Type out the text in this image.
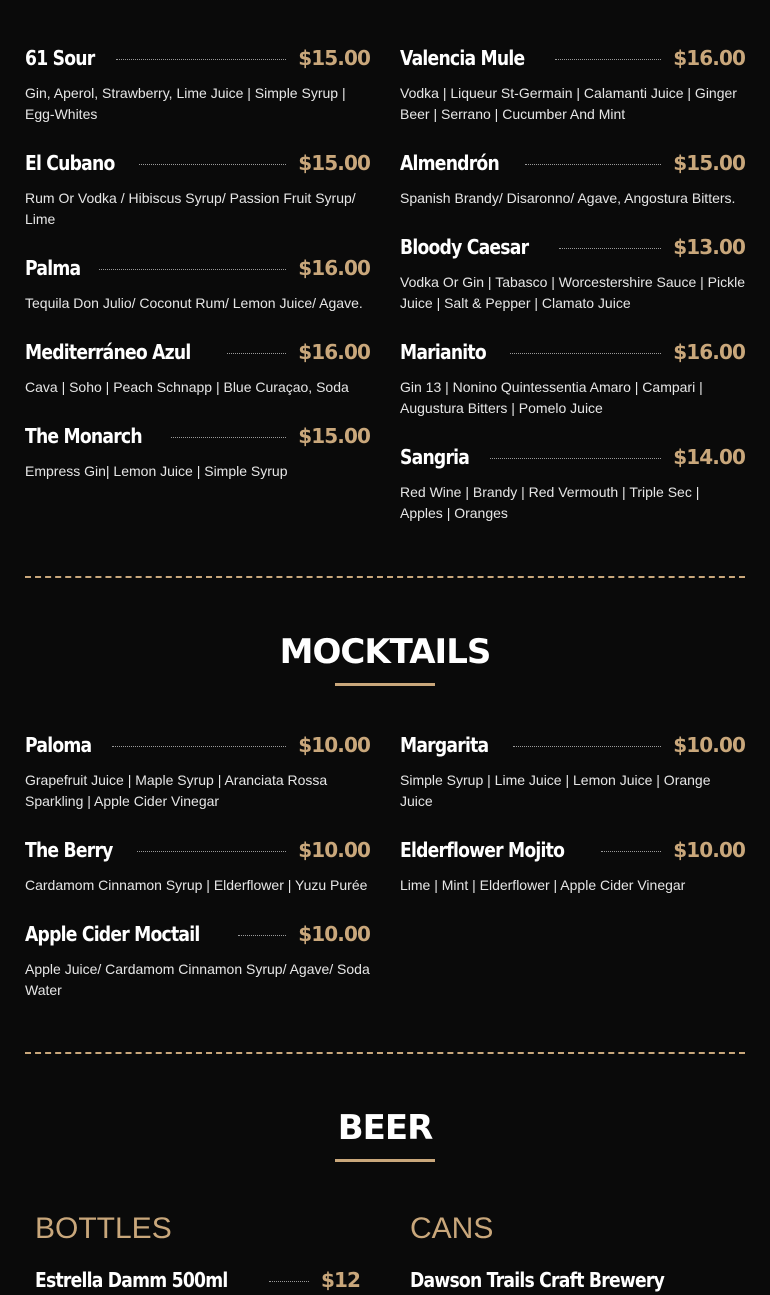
61 Sour	$15.00
Gin, Aperol, Strawberry, Lime Juice | Simple Syrup | Egg-Whites
El Cubano	$15.00
Rum Or Vodka / Hibiscus Syrup/ Passion Fruit Syrup/ Lime
Palma	$16.00
Tequila Don Julio/ Coconut Rum/ Lemon Juice/ Agave.
Mediterráneo Azul	$16.00
Cava | Soho | Peach Schnapp | Blue Curaçao, Soda
The Monarch	$15.00
Empress Gin| Lemon Juice | Simple Syrup
Valencia Mule	$16.00
Vodka | Liqueur St-Germain | Calamanti Juice | Ginger Beer | Serrano | Cucumber And Mint
Almendrón	$15.00
Spanish Brandy/ Disaronno/ Agave, Angostura Bitters.
Bloody Caesar	$13.00
Vodka Or Gin | Tabasco | Worcestershire Sauce | Pickle Juice | Salt & Pepper | Clamato Juice
Marianito	$16.00
Gin 13 | Nonino Quintessentia Amaro | Campari | Augustura Bitters | Pomelo Juice
Sangria	$14.00
Red Wine | Brandy | Red Vermouth | Triple Sec | Apples | Oranges
MOCKTAILS
Paloma	$10.00
Grapefruit Juice | Maple Syrup | Aranciata Rossa Sparkling | Apple Cider Vinegar
The Berry	$10.00
Cardamom Cinnamon Syrup | Elderflower | Yuzu Purée
Apple Cider Moctail	$10.00
Apple Juice/ Cardamom Cinnamon Syrup/ Agave/ Soda Water
Margarita	$10.00
Simple Syrup | Lime Juice | Lemon Juice | Orange Juice
Elderflower Mojito	$10.00
Lime | Mint | Elderflower | Apple Cider Vinegar
BEER
BOTTLES	CANS
Estrella Damm 500ml	$12	Dawson Trails Craft Brewery
